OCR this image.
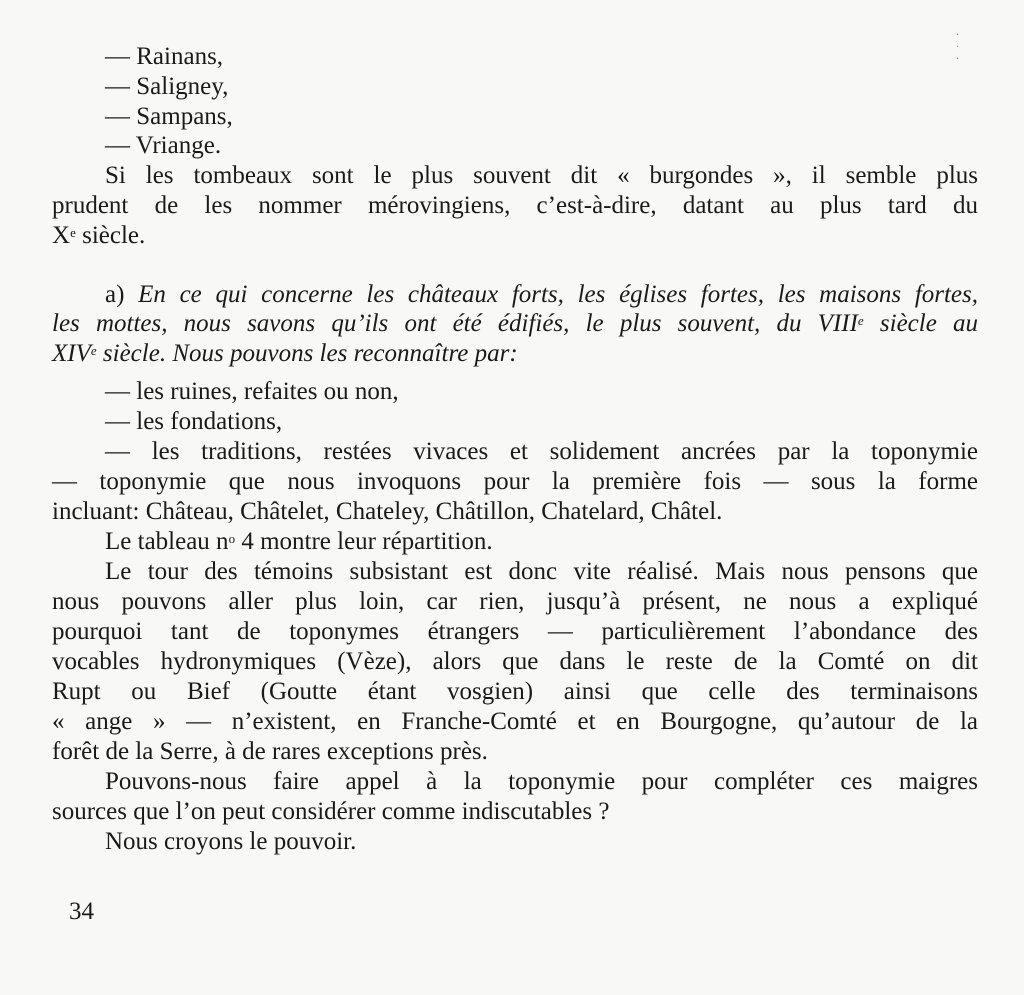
— Rainans,
— Saligney,
— Sampans,
— Vriange.
Si les tombeaux sont le plus souvent dit « burgondes », il semble plus
prudent de les nommer mérovingiens, c’est-à-dire, datant au plus tard du
Xe siècle.
a) En ce qui concerne les châteaux forts, les églises fortes, les maisons fortes,
les mottes, nous savons qu’ils ont été édifiés, le plus souvent, du VIIIe siècle au
XIVe siècle. Nous pouvons les reconnaître par:
— les ruines, refaites ou non,
— les fondations,
— les traditions, restées vivaces et solidement ancrées par la toponymie
— toponymie que nous invoquons pour la première fois — sous la forme
incluant: Château, Châtelet, Chateley, Châtillon, Chatelard, Châtel.
Le tableau $n^o$ 4 montre leur répartition.
Le tour des témoins subsistant est donc vite réalisé. Mais nous pensons que
nous pouvons aller plus loin, car rien, jusqu’à présent, ne nous a expliqué
pourquoi tant de toponymes étrangers — particulièrement l’abondance des
vocables hydronymiques (Vèze), alors que dans le reste de la Comté on dit
Rupt ou Bief (Goutte étant vosgien) ainsi que celle des terminaisons
« ange » — n’existent, en Franche-Comté et en Bourgogne, qu’autour de la
forêt de la Serre, à de rares exceptions près.
Pouvons-nous faire appel à la toponymie pour compléter ces maigres
sources que l’on peut considérer comme indiscutables ?
Nous croyons le pouvoir.
34
·
·
·
